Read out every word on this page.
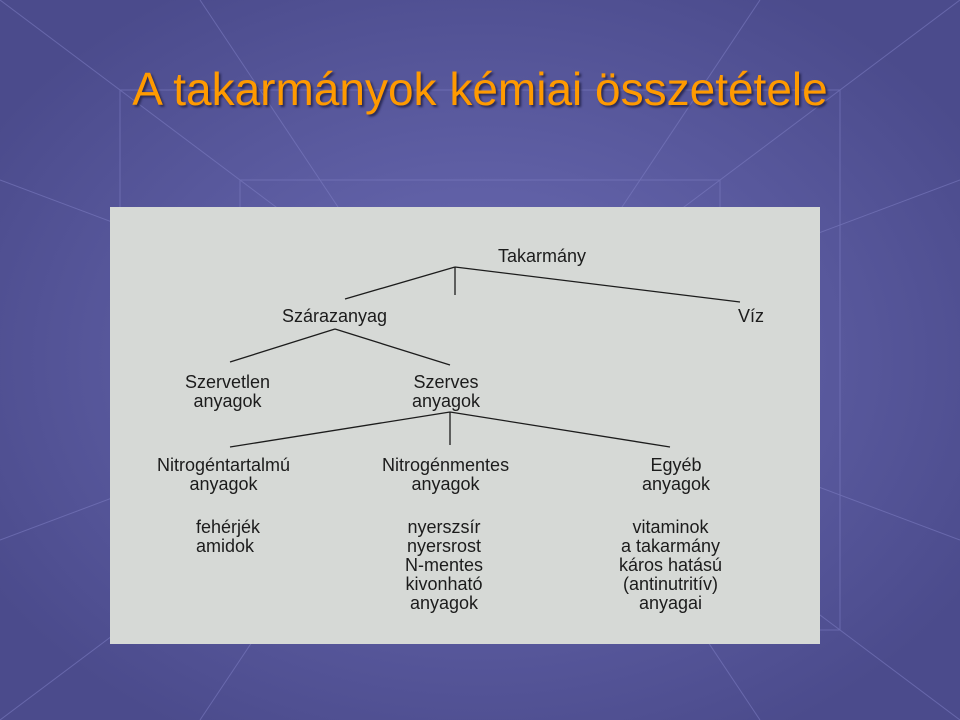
A takarmányok kémiai összetétele

Takarmány
Szárazanyag	Víz
Szervetlen
anyagok
Szerves
anyagok
Nitrogéntartalmú
anyagok
Nitrogénmentes
anyagok
Egyéb
anyagok
fehérjék
amidok
nyerszsír
nyersrost
N-mentes
kivonható
anyagok
vitaminok
a takarmány
káros hatású
(antinutritív)
anyagai
